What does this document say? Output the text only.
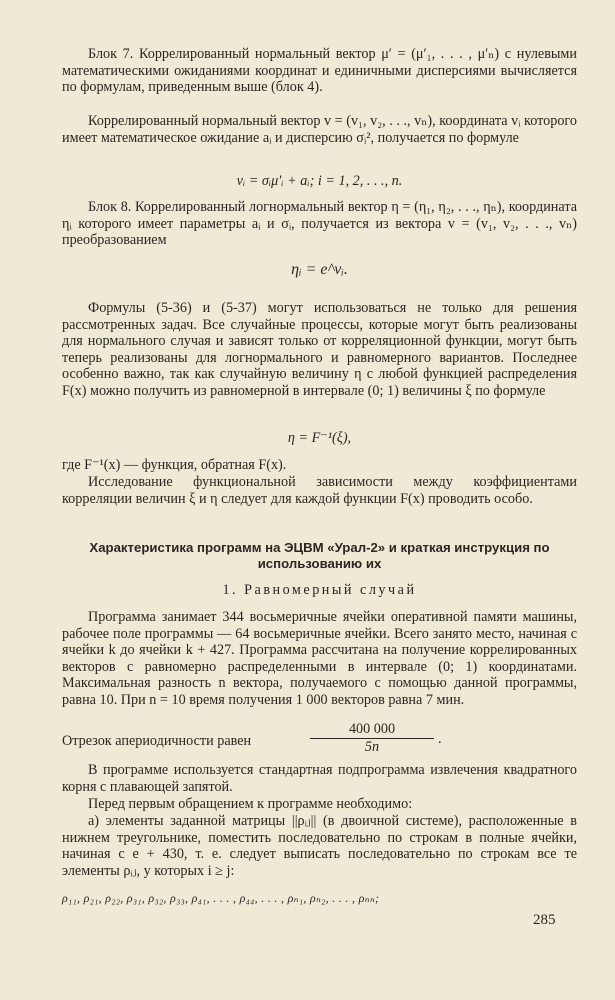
Блок 7. Коррелированный нормальный вектор μ′ = (μ′₁, . . . , μ′ₙ) с нулевыми математическими ожиданиями координат и единичными дисперсиями вычисляется по формулам, приведенным выше (блок 4).

Коррелированный нормальный вектор v = (v₁, v₂, . . ., vₙ), координата vᵢ которого имеет математическое ожидание aᵢ и дисперсию σᵢ², получается по формуле

vᵢ = σᵢμ′ᵢ + aᵢ; i = 1, 2, . . ., n.

Блок 8. Коррелированный логнормальный вектор η = (η₁, η₂, . . ., ηₙ), координата ηᵢ которого имеет параметры aᵢ и σᵢ, получается из вектора v = (v₁, v₂, . . ., vₙ) преобразованием

ηᵢ = e^vᵢ.

Формулы (5-36) и (5-37) могут использоваться не только для решения рассмотренных задач. Все случайные процессы, которые могут быть реализованы для нормального случая и зависят только от корреляционной функции, могут быть теперь реализованы для логнормального и равномерного вариантов. Последнее особенно важно, так как случайную величину η с любой функцией распределения F(x) можно получить из равномерной в интервале (0; 1) величины ξ по формуле

η = F⁻¹(ξ),

где F⁻¹(x) — функция, обратная F(x).

Исследование функциональной зависимости между коэффициентами корреляции величин ξ и η следует для каждой функции F(x) проводить особо.

Характеристика программ на ЭЦВМ «Урал-2» и краткая инструкция по использованию их

1. Равномерный случай

Программа занимает 344 восьмеричные ячейки оперативной памяти машины, рабочее поле программы — 64 восьмеричные ячейки. Всего занято место, начиная с ячейки k до ячейки k + 427. Программа рассчитана на получение коррелированных векторов с равномерно распределенными в интервале (0; 1) координатами. Максимальная разность n вектора, получаемого с помощью данной программы, равна 10. При n = 10 время получения 1 000 векторов равна 7 мин.

Отрезок апериодичности равен
400 000
5n	.

В программе используется стандартная подпрограмма извлечения квадратного корня с плавающей запятой.

Перед первым обращением к программе необходимо:

а) элементы заданной матрицы ||ρᵢⱼ|| (в двоичной системе), расположенные в нижнем треугольнике, поместить последовательно по строкам в полные ячейки, начиная с e + 430, т. е. следует выписать последовательно по строкам все те элементы ρᵢⱼ, у которых i ≥ j:

ρ₁₁, ρ₂₁, ρ₂₂, ρ₃₁, ρ₃₂, ρ₃₃, ρ₄₁, . . . , ρ₄₄, . . . , ρₙ₁, ρₙ₂, . . . , ρₙₙ;
285
